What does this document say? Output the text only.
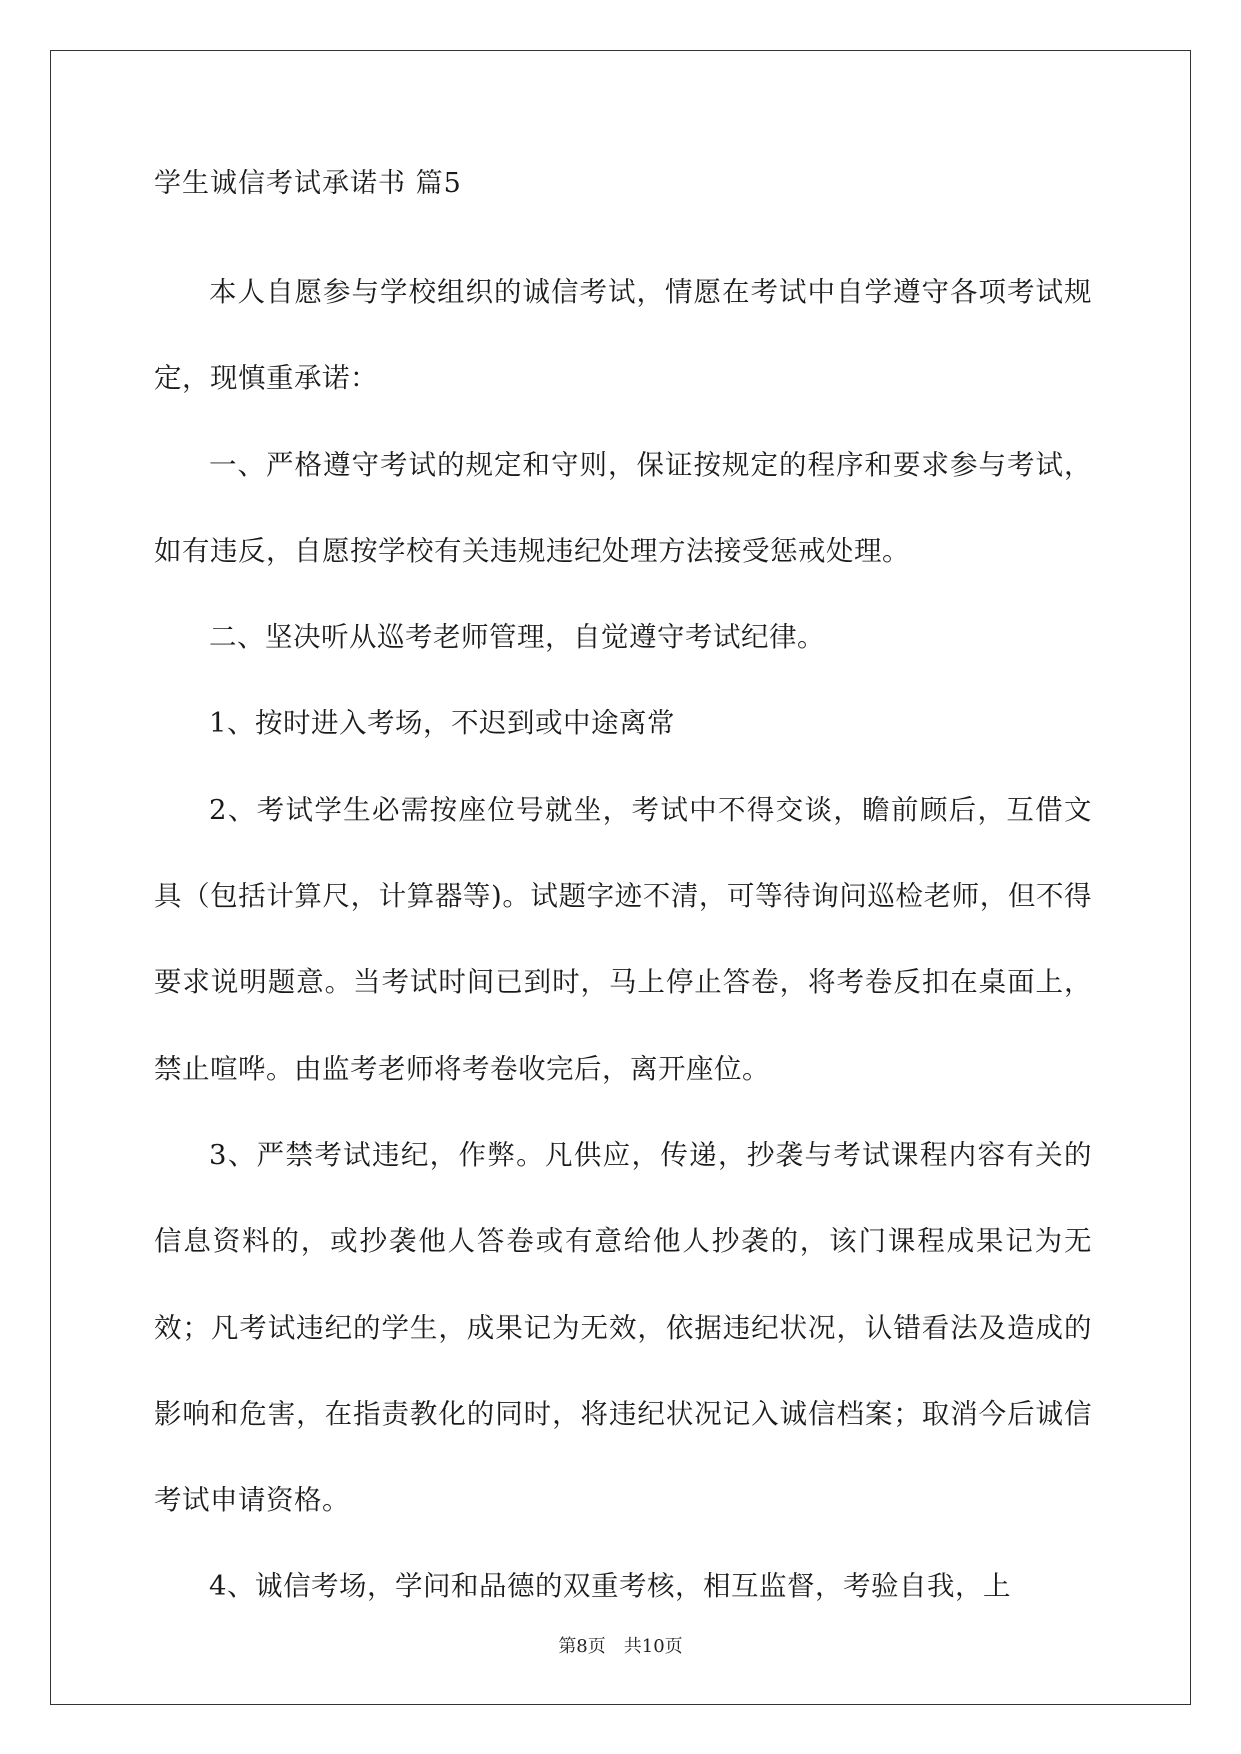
学生诚信考试承诺书 篇5

本人自愿参与学校组织的诚信考试，情愿在考试中自学遵守各项考试规定，现慎重承诺：

一、严格遵守考试的规定和守则，保证按规定的程序和要求参与考试，如有违反，自愿按学校有关违规违纪处理方法接受惩戒处理。

二、坚决听从巡考老师管理，自觉遵守考试纪律。

1、按时进入考场，不迟到或中途离常

2、考试学生必需按座位号就坐，考试中不得交谈，瞻前顾后，互借文具（包括计算尺，计算器等)。试题字迹不清，可等待询问巡检老师，但不得要求说明题意。当考试时间已到时，马上停止答卷，将考卷反扣在桌面上，禁止喧哗。由监考老师将考卷收完后，离开座位。

3、严禁考试违纪，作弊。凡供应，传递，抄袭与考试课程内容有关的信息资料的，或抄袭他人答卷或有意给他人抄袭的，该门课程成果记为无效；凡考试违纪的学生，成果记为无效，依据违纪状况，认错看法及造成的影响和危害，在指责教化的同时，将违纪状况记入诚信档案；取消今后诚信考试申请资格。

4、诚信考场，学问和品德的双重考核，相互监督，考验自我，上

第8页　共10页
